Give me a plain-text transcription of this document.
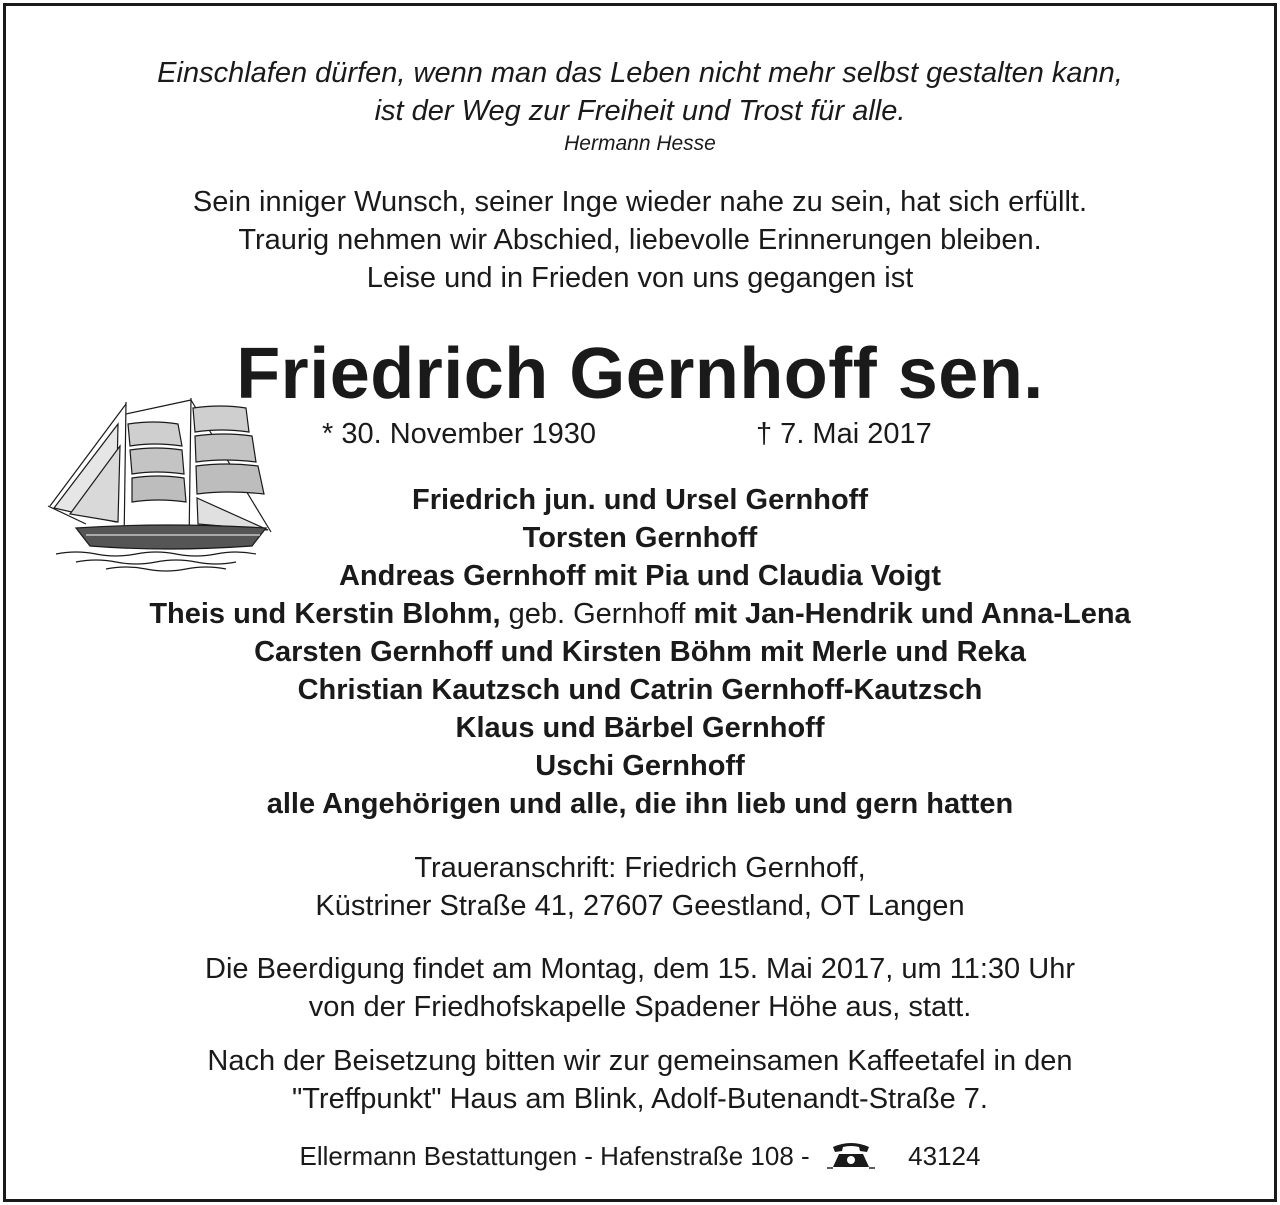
Einschlafen dürfen, wenn man das Leben nicht mehr selbst gestalten kann,
ist der Weg zur Freiheit und Trost für alle.
Hermann Hesse
Sein inniger Wunsch, seiner Inge wieder nahe zu sein, hat sich erfüllt.
Traurig nehmen wir Abschied, liebevolle Erinnerungen bleiben.
Leise und in Frieden von uns gegangen ist
Friedrich Gernhoff sen.
* 30. November 1930	† 7. Mai 2017
Friedrich jun. und Ursel Gernhoff
Torsten Gernhoff
Andreas Gernhoff mit Pia und Claudia Voigt
Theis und Kerstin Blohm, geb. Gernhoff mit Jan-Hendrik und Anna-Lena
Carsten Gernhoff und Kirsten Böhm mit Merle und Reka
Christian Kautzsch und Catrin Gernhoff-Kautzsch
Klaus und Bärbel Gernhoff
Uschi Gernhoff
alle Angehörigen und alle, die ihn lieb und gern hatten
Traueranschrift: Friedrich Gernhoff,
Küstriner Straße 41, 27607 Geestland, OT Langen
Die Beerdigung findet am Montag, dem 15. Mai 2017, um 11:30 Uhr
von der Friedhofskapelle Spadener Höhe aus, statt.
Nach der Beisetzung bitten wir zur gemeinsamen Kaffeetafel in den
"Treffpunkt" Haus am Blink, Adolf-Butenandt-Straße 7.
Ellermann Bestattungen - Hafenstraße 108 -	43124
